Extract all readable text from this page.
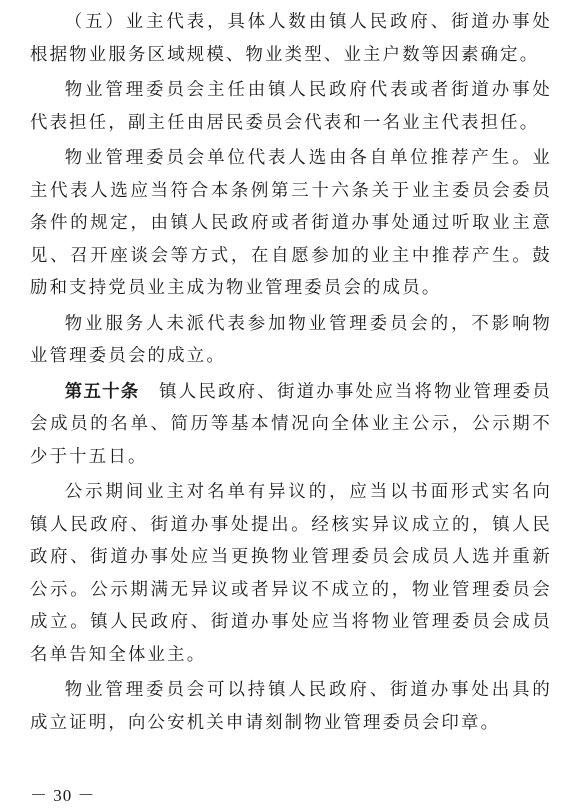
（五）业主代表，具体人数由镇人民政府、街道办事处根据物业服务区域规模、物业类型、业主户数等因素确定。

物业管理委员会主任由镇人民政府代表或者街道办事处代表担任，副主任由居民委员会代表和一名业主代表担任。

物业管理委员会单位代表人选由各自单位推荐产生。业主代表人选应当符合本条例第三十六条关于业主委员会委员条件的规定，由镇人民政府或者街道办事处通过听取业主意见、召开座谈会等方式，在自愿参加的业主中推荐产生。鼓励和支持党员业主成为物业管理委员会的成员。

物业服务人未派代表参加物业管理委员会的，不影响物业管理委员会的成立。

第五十条　 镇人民政府、街道办事处应当将物业管理委员会成员的名单、简历等基本情况向全体业主公示，公示期不少于十五日。

公示期间业主对名单有异议的，应当以书面形式实名向镇人民政府、街道办事处提出。经核实异议成立的，镇人民政府、街道办事处应当更换物业管理委员会成员人选并重新公示。公示期满无异议或者异议不成立的，物业管理委员会成立。镇人民政府、街道办事处应当将物业管理委员会成员名单告知全体业主。

物业管理委员会可以持镇人民政府、街道办事处出具的成立证明，向公安机关申请刻制物业管理委员会印章。

－ 30 －
